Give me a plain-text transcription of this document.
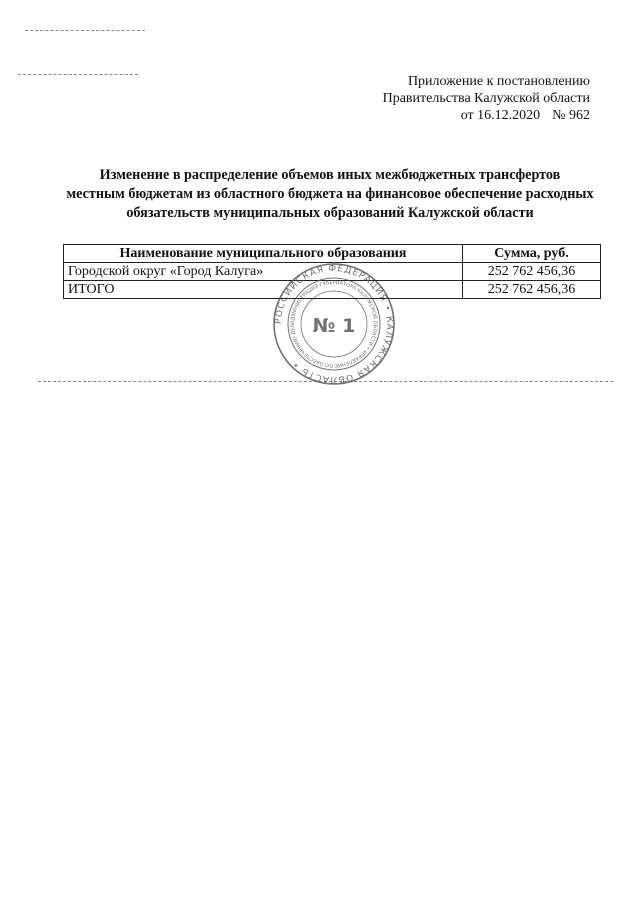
Приложение к постановлению
Правительства Калужской области
от 16.12.2020 № 962
Изменение в распределение объемов иных межбюджетных трансфертов
местным бюджетам из областного бюджета на финансовое обеспечение расходных
обязательств муниципальных образований Калужской области
Наименование муниципального образования	Сумма, руб.
Городской округ «Город Калуга»	252 762 456,36
ИТОГО	252 762 456,36
РОССИЙСКАЯ ФЕДЕРАЦИЯ • КАЛУЖСКАЯ ОБЛАСТЬ •
АДМИНИСТРАЦИЯ ГУБЕРНАТОРА КАЛУЖСКОЙ ОБЛАСТИ • УПРАВЛЕНИЕ ПО ОБЕСПЕЧЕНИЮ ДЕЯ № 1
